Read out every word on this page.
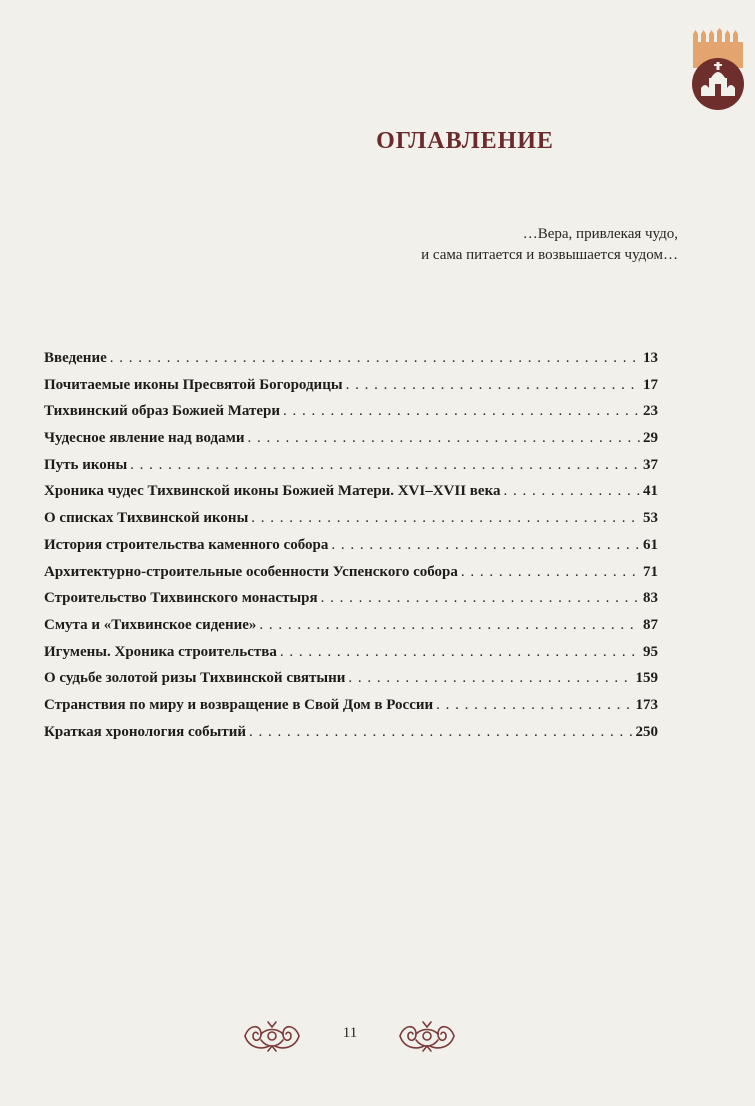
ОГЛАВЛЕНИЕ
…Вера, привлекая чудо,
и сама питается и возвышается чудом…
Введение . . .	13
Почитаемые иконы Пресвятой Богородицы . . .	17
Тихвинский образ Божией Матери . . .	23
Чудесное явление над водами . . .	29
Путь иконы . . .	37
Хроника чудес Тихвинской иконы Божией Матери. XVI–XVII века . . .	41
О списках Тихвинской иконы . . .	53
История строительства каменного собора . . .	61
Архитектурно-строительные особенности Успенского собора . . .	71
Строительство Тихвинского монастыря . . .	83
Смута и «Тихвинское сидение» . . .	87
Игумены. Хроника строительства . . .	95
О судьбе золотой ризы Тихвинской святыни . . .	159
Странствия по миру и возвращение в Свой Дом в России . . .	173
Краткая хронология событий . . .	250
11
